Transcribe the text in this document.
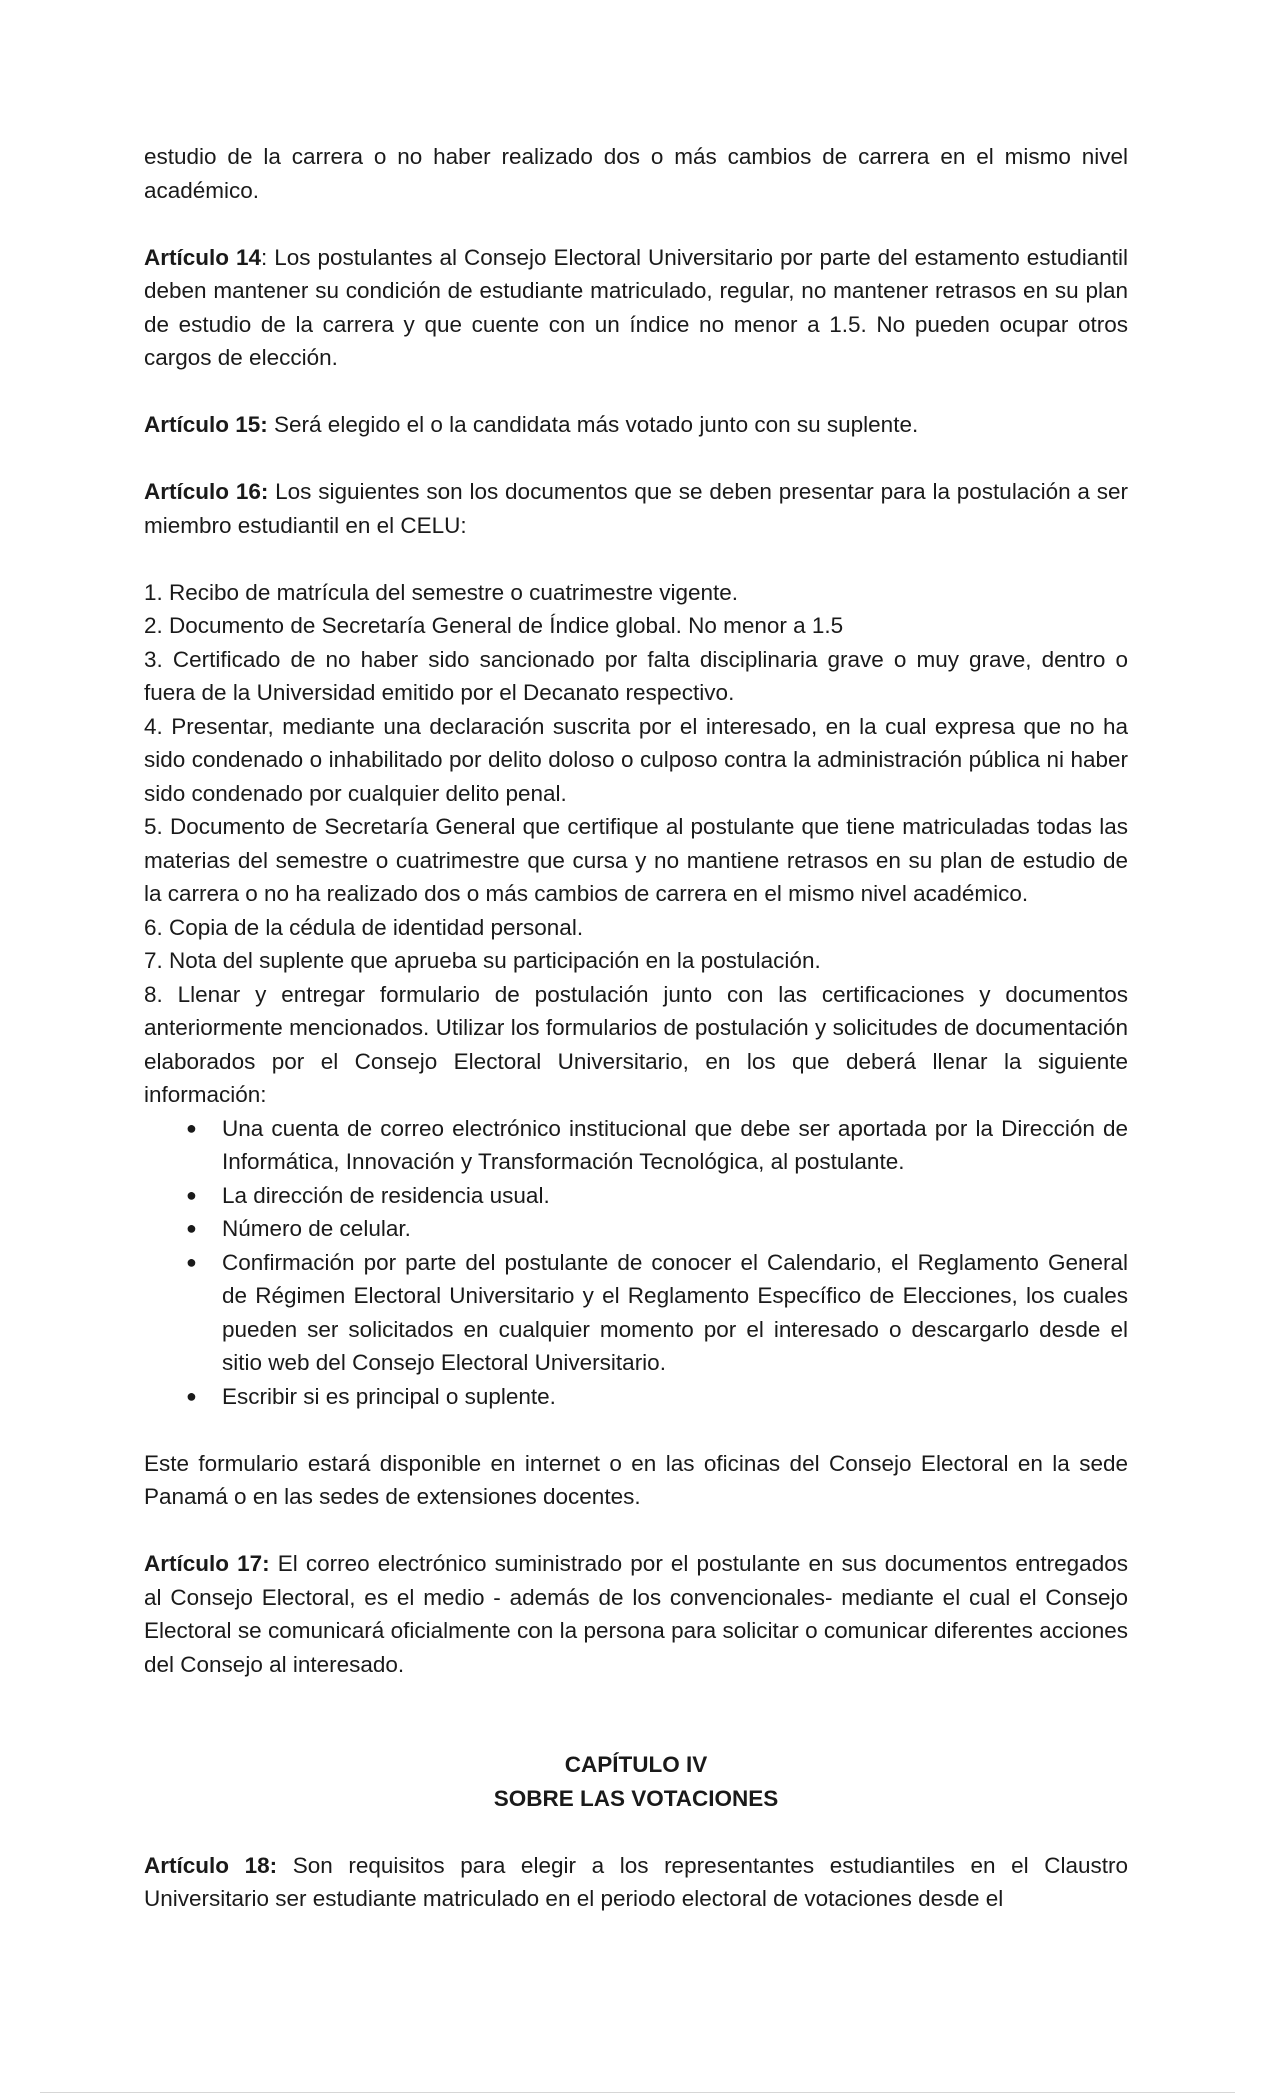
estudio de la carrera o no haber realizado dos o más cambios de carrera en el mismo nivel académico.

Artículo 14: Los postulantes al Consejo Electoral Universitario por parte del estamento estudiantil deben mantener su condición de estudiante matriculado, regular, no mantener retrasos en su plan de estudio de la carrera y que cuente con un índice no menor a 1.5. No pueden ocupar otros cargos de elección.

Artículo 15: Será elegido el o la candidata más votado junto con su suplente.

Artículo 16: Los siguientes son los documentos que se deben presentar para la postulación a ser miembro estudiantil en el CELU:

1. Recibo de matrícula del semestre o cuatrimestre vigente.

2. Documento de Secretaría General de Índice global. No menor a 1.5

3. Certificado de no haber sido sancionado por falta disciplinaria grave o muy grave, dentro o fuera de la Universidad emitido por el Decanato respectivo.

4. Presentar, mediante una declaración suscrita por el interesado, en la cual expresa que no ha sido condenado o inhabilitado por delito doloso o culposo contra la administración pública ni haber sido condenado por cualquier delito penal.

5. Documento de Secretaría General que certifique al postulante que tiene matriculadas todas las materias del semestre o cuatrimestre que cursa y no mantiene retrasos en su plan de estudio de la carrera o no ha realizado dos o más cambios de carrera en el mismo nivel académico.

6. Copia de la cédula de identidad personal.

7. Nota del suplente que aprueba su participación en la postulación.

8. Llenar y entregar formulario de postulación junto con las certificaciones y documentos anteriormente mencionados. Utilizar los formularios de postulación y solicitudes de documentación elaborados por el Consejo Electoral Universitario, en los que deberá llenar la siguiente información:

● Una cuenta de correo electrónico institucional que debe ser aportada por la Dirección de Informática, Innovación y Transformación Tecnológica, al postulante.
● La dirección de residencia usual.
● Número de celular.
● Confirmación por parte del postulante de conocer el Calendario, el Reglamento General de Régimen Electoral Universitario y el Reglamento Específico de Elecciones, los cuales pueden ser solicitados en cualquier momento por el interesado o descargarlo desde el sitio web del Consejo Electoral Universitario.
● Escribir si es principal o suplente.

Este formulario estará disponible en internet o en las oficinas del Consejo Electoral en la sede Panamá o en las sedes de extensiones docentes.

Artículo 17: El correo electrónico suministrado por el postulante en sus documentos entregados al Consejo Electoral, es el medio - además de los convencionales- mediante el cual el Consejo Electoral se comunicará oficialmente con la persona para solicitar o comunicar diferentes acciones del Consejo al interesado.

CAPÍTULO IV
SOBRE LAS VOTACIONES

Artículo 18: Son requisitos para elegir a los representantes estudiantiles en el Claustro Universitario ser estudiante matriculado en el periodo electoral de votaciones desde el
